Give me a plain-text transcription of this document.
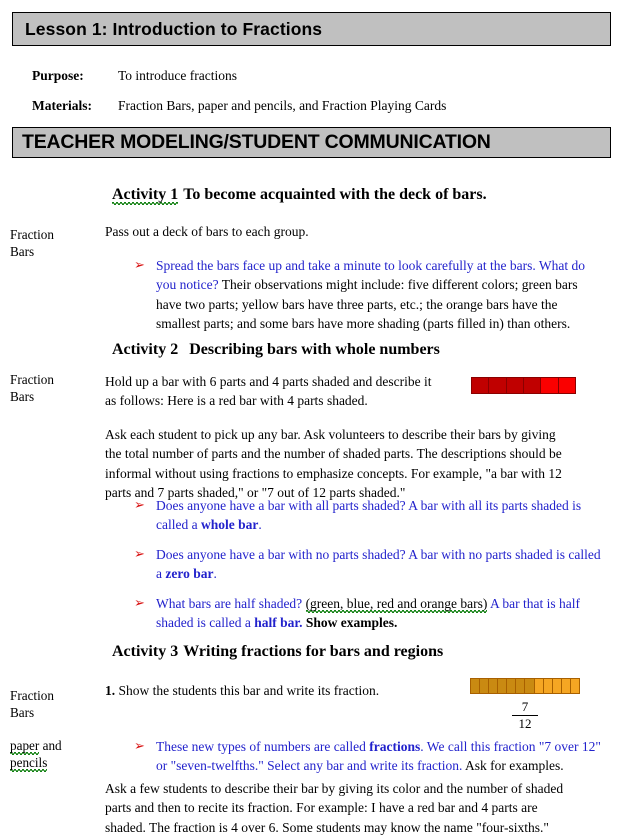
Lesson 1: Introduction to Fractions
Purpose:	To introduce fractions
Materials: Fraction Bars, paper and pencils, and Fraction Playing Cards
TEACHER MODELING/STUDENT COMMUNICATION
Activity 1 To become acquainted with the deck of bars.
Fraction
Bars
Pass out a deck of bars to each group.
➢ Spread the bars face up and take a minute to look carefully at the bars. What do you notice? Their observations might include: five different colors; green bars have two parts; yellow bars have three parts, etc.; the orange bars have the smallest parts; and some bars have more shading (parts filled in) than others.
Activity 2 Describing bars with whole numbers
Fraction
Bars
Hold up a bar with 6 parts and 4 parts shaded and describe it as follows: Here is a red bar with 4 parts shaded.
Ask each student to pick up any bar. Ask volunteers to describe their bars by giving the total number of parts and the number of shaded parts. The descriptions should be informal without using fractions to emphasize concepts. For example, "a bar with 12 parts and 7 parts shaded," or "7 out of 12 parts shaded."
➢ Does anyone have a bar with all parts shaded? A bar with all its parts shaded is called a whole bar.
➢ Does anyone have a bar with no parts shaded? A bar with no parts shaded is called a zero bar.
➢ What bars are half shaded? (green, blue, red and orange bars) A bar that is half shaded is called a half bar. Show examples.
Activity 3 Writing fractions for bars and regions
Fraction
Bars
paper and
pencils
1. Show the students this bar and write its fraction.
7
12
➢ These new types of numbers are called fractions. We call this fraction "7 over 12" or "seven-twelfths." Select any bar and write its fraction. Ask for examples.
Ask a few students to describe their bar by giving its color and the number of shaded parts and then to recite its fraction. For example: I have a red bar and 4 parts are shaded. The fraction is 4 over 6. Some students may know the name "four-sixths."
